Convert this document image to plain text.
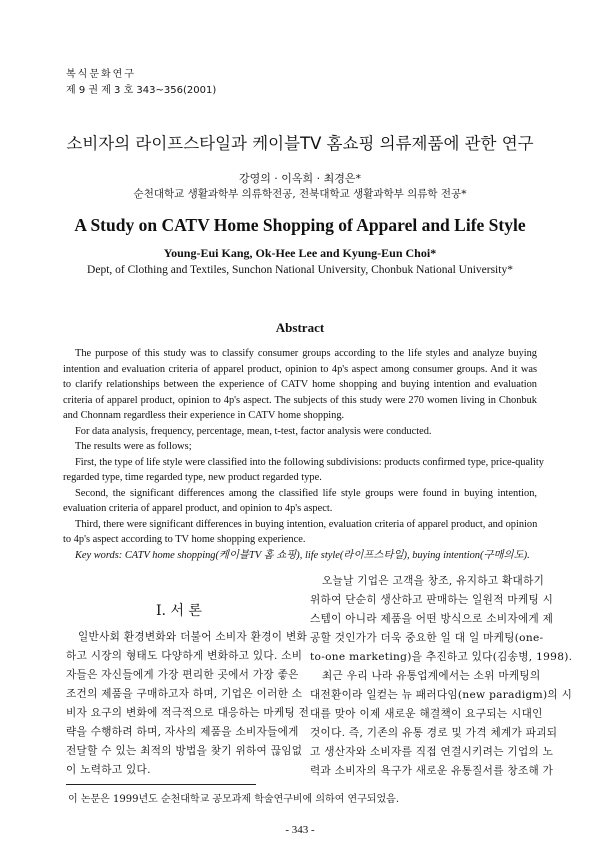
복식문화연구
제 9 권 제 3 호 343~356(2001)
소비자의 라이프스타일과 케이블TV 홈쇼핑 의류제품에 관한 연구
강영의 · 이옥희 · 최경은*
순천대학교 생활과학부 의류학전공, 전북대학교 생활과학부 의류학 전공*
A Study on CATV Home Shopping of Apparel and Life Style
Young-Eui Kang, Ok-Hee Lee and Kyung-Eun Choi*
Dept, of Clothing and Textiles, Sunchon National University, Chonbuk National University*
Abstract
The purpose of this study was to classify consumer groups according to the life styles and analyze buying
intention and evaluation criteria of apparel product, opinion to 4p's aspect among consumer groups. And it was
to clarify relationships between the experience of CATV home shopping and buying intention and evaluation
criteria of apparel product, opinion to 4p's aspect. The subjects of this study were 270 women living in Chonbuk
and Chonnam regardless their experience in CATV home shopping.
For data analysis, frequency, percentage, mean, t-test, factor analysis were conducted.
The results were as follows;
First, the type of life style were classified into the following subdivisions: products confirmed type, price-quality
regarded type, time regarded type, new product regarded type.
Second, the significant differences among the classified life style groups were found in buying intention,
evaluation criteria of apparel product, and opinion to 4p's aspect.
Third, there were significant differences in buying intention, evaluation criteria of apparel product, and opinion
to 4p's aspect according to TV home shopping experience.
Key words: CATV home shopping(케이블TV 홈 쇼핑), life style(라이프스타일), buying intention(구매의도).
I. 서 론
일반사회 환경변화와 더불어 소비자 환경이 변화
하고 시장의 형태도 다양하게 변화하고 있다. 소비
자들은 자신들에게 가장 편리한 곳에서 가장 좋은
조건의 제품을 구매하고자 하며, 기업은 이러한 소
비자 요구의 변화에 적극적으로 대응하는 마케팅 전
략을 수행하려 하며, 자사의 제품을 소비자들에게
전달할 수 있는 최적의 방법을 찾기 위하여 끊임없
이 노력하고 있다.
오늘날 기업은 고객을 창조, 유지하고 확대하기
위하여 단순히 생산하고 판매하는 일원적 마케팅 시
스템이 아니라 제품을 어떤 방식으로 소비자에게 제
공할 것인가가 더욱 중요한 일 대 일 마케팅(one-
to-one marketing)을 추진하고 있다(김송병, 1998).
최근 우리 나라 유통업계에서는 소위 마케팅의
대전환이라 일컫는 뉴 패러다임(new paradigm)의 시
대를 맞아 이제 새로운 해결책이 요구되는 시대인
것이다. 즉, 기존의 유통 경로 및 가격 체계가 파괴되
고 생산자와 소비자를 직접 연결시키려는 기업의 노
력과 소비자의 욕구가 새로운 유통질서를 창조해 가
이 논문은 1999년도 순천대학교 공모과제 학술연구비에 의하여 연구되었음.
- 343 -
